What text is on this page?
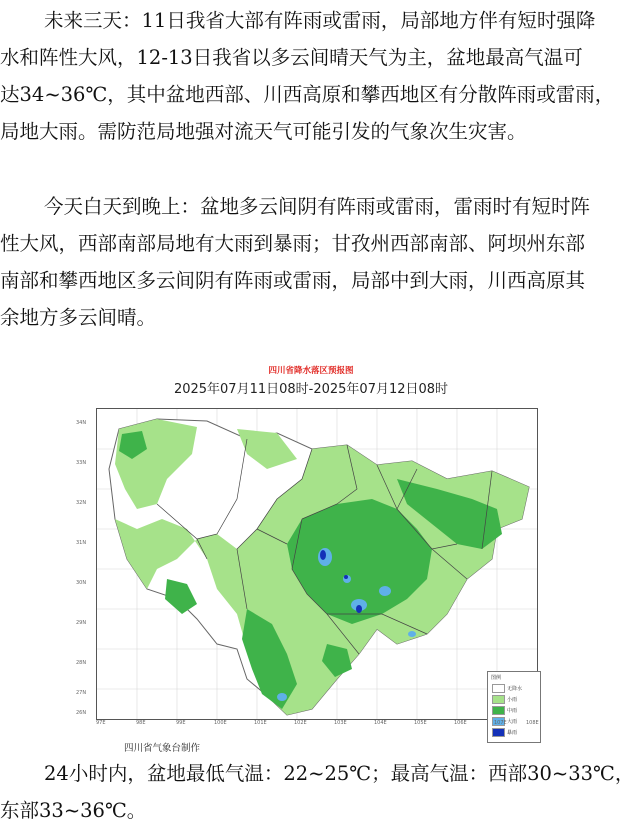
未来三天：11日我省大部有阵雨或雷雨，局部地方伴有短时强降
水和阵性大风，12-13日我省以多云间晴天气为主，盆地最高气温可
达34~36℃，其中盆地西部、川西高原和攀西地区有分散阵雨或雷雨，
局地大雨。需防范局地强对流天气可能引发的气象次生灾害。
今天白天到晚上：盆地多云间阴有阵雨或雷雨，雷雨时有短时阵
性大风，西部南部局地有大雨到暴雨；甘孜州西部南部、阿坝州东部
南部和攀西地区多云间阴有阵雨或雷雨，局部中到大雨，川西高原其
余地方多云间晴。
四川省降水落区预报图
2025年07月11日08时-2025年07月12日08时
四川省气象台制作
图例
无降水
小雨
中雨
大雨
暴雨
34N
33N
32N
31N
30N
29N
28N
27N
26N
97E	98E	99E	100E	101E	102E	103E	104E	105E	106E	107E	108E
24小时内，盆地最低气温：22~25℃；最高气温：西部30~33℃，
东部33~36℃。
